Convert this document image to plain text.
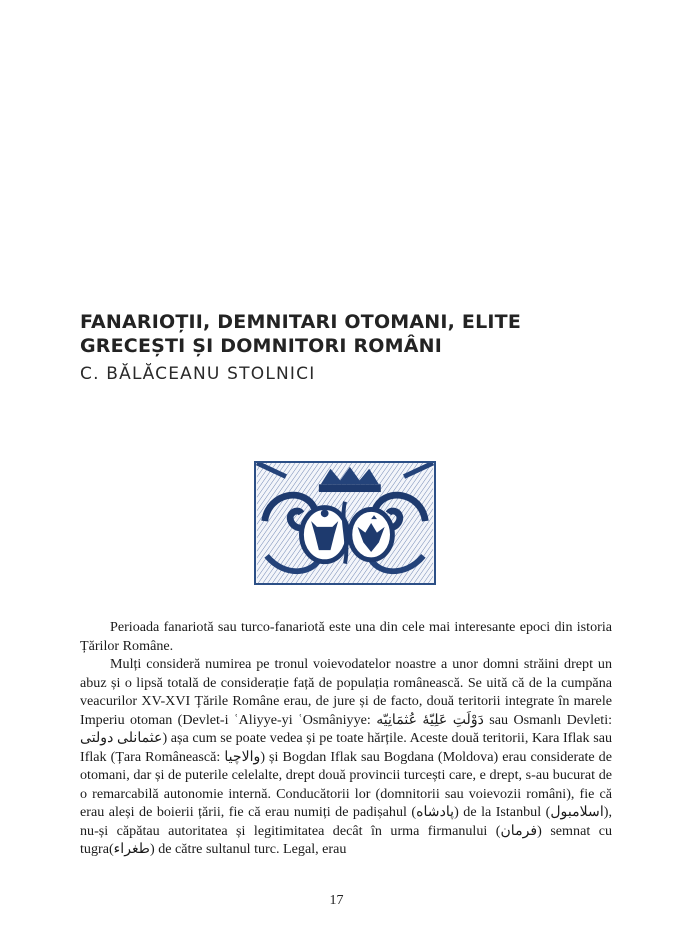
FANARIOȚII, DEMNITARI OTOMANI, ELITE
GRECEȘTI ȘI DOMNITORI ROMÂNI

C. BĂLĂCEANU STOLNICI

Perioada fanariotă sau turco-fanariotă este una din cele mai interesante epoci din istoria Țărilor Române.

Mulți consideră numirea pe tronul voievodatelor noastre a unor domni străini drept un abuz și o lipsă totală de considerație față de populația românească. Se uită că de la cumpăna veacurilor XV-XVI Țările Române erau, de jure și de facto, două teritorii integrate în marele Imperiu otoman (Devlet-i ʿAliyye-yi ʿOsmâniyye: دَوْلَتِ عَلِيّهٔ عُثمَانِیّه sau Osmanlı Devleti: عثمانلى دولتى) așa cum se poate vedea și pe toate hărțile. Aceste două teritorii, Kara Iflak sau Iflak (Țara Românească: والاچيا) și Bogdan Iflak sau Bogdana (Moldova) erau considerate de otomani, dar și de puterile celelalte, drept două provincii turcești care, e drept, s-au bucurat de o remarcabilă autonomie internă. Conducătorii lor (domnitorii sau voievozii români), fie că erau aleși de boierii țării, fie că erau numiți de padișahul (پادشاه) de la Istanbul (اسلامبول), nu-și căpătau autoritatea și legitimitatea decât în urma firmanului (فرمان) semnat cu tugra(طغراء) de către sultanul turc. Legal, erau

17
